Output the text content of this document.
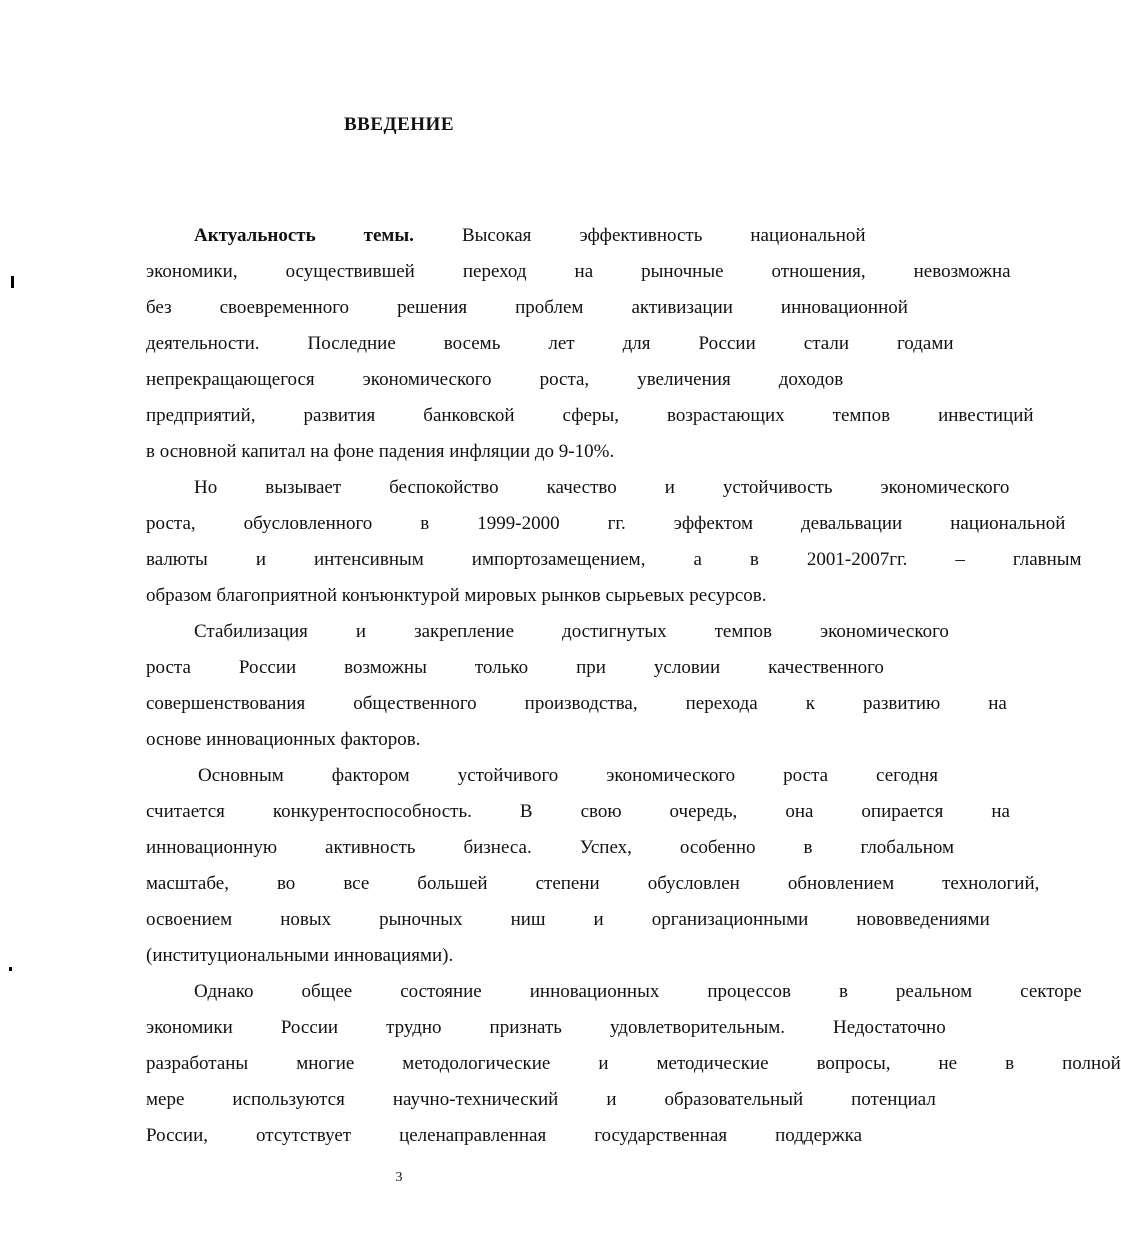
ВВЕДЕНИЕ
Актуальность	темы.	Высокая	эффективность	национальной
экономики,	осуществившей	переход	на	рыночные	отношения,	невозможна
без	своевременного	решения	проблем	активизации	инновационной
деятельности.	Последние	восемь	лет	для	России	стали	годами
непрекращающегося	экономического	роста,	увеличения	доходов
предприятий,	развития	банковской	сферы,	возрастающих	темпов	инвестиций
в основной капитал на фоне падения инфляции до 9-10%.
Но	вызывает	беспокойство	качество	и	устойчивость	экономического
роста,	обусловленного	в	1999-2000	гг.	эффектом	девальвации	национальной
валюты	и	интенсивным	импортозамещением,	а	в	2001-2007гг.	–	главным
образом благоприятной конъюнктурой мировых рынков сырьевых ресурсов.
Стабилизация	и	закрепление	достигнутых	темпов	экономического
роста	России	возможны	только	при	условии	качественного
совершенствования	общественного	производства,	перехода	к	развитию	на
основе инновационных факторов.
Основным	фактором	устойчивого	экономического	роста	сегодня
считается	конкурентоспособность.	В	свою	очередь,	она	опирается	на
инновационную	активность	бизнеса.	Успех,	особенно	в	глобальном
масштабе,	во	все	большей	степени	обусловлен	обновлением	технологий,
освоением	новых	рыночных	ниш	и	организационными	нововведениями
(институциональными инновациями).
Однако	общее	состояние	инновационных	процессов	в	реальном	секторе
экономики	России	трудно	признать	удовлетворительным.	Недостаточно
разработаны	многие	методологические	и	методические	вопросы,	не	в	полной
мере	используются	научно-технический	и	образовательный	потенциал
России,	отсутствует	целенаправленная	государственная	поддержка

3
